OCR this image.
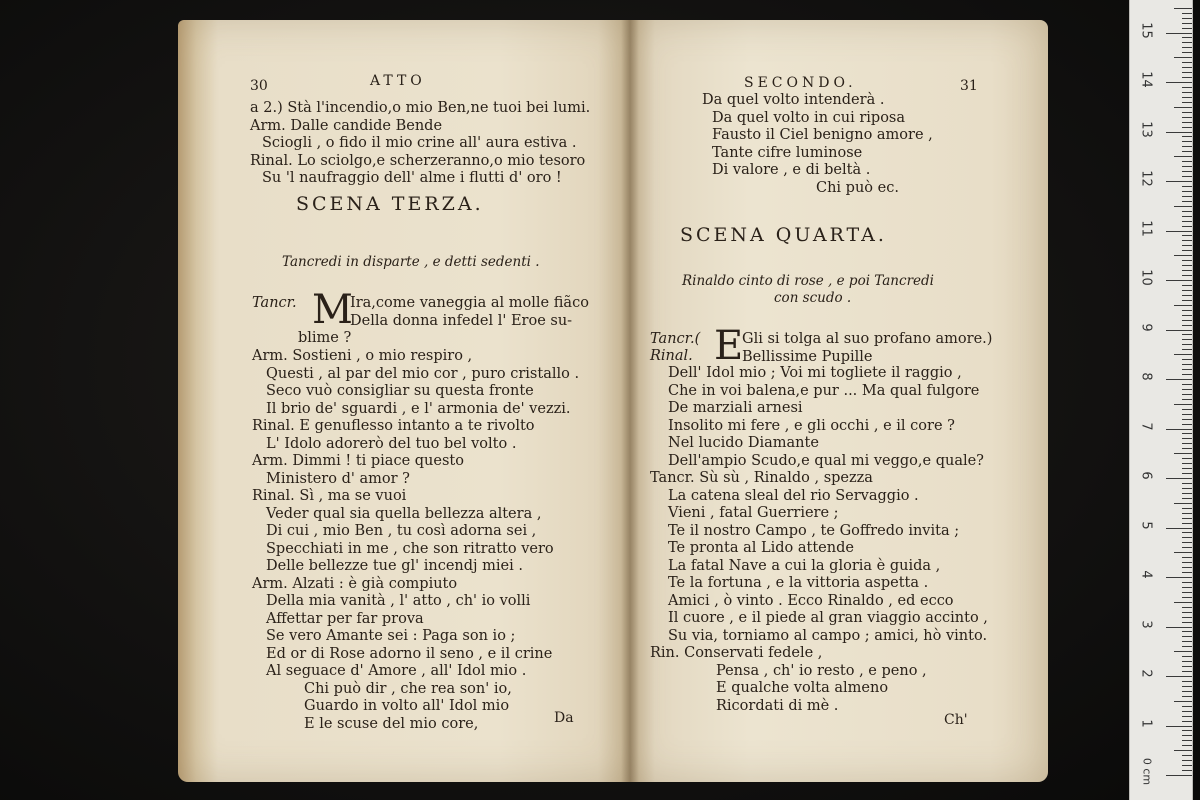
30	ATTO
a 2.) Stà l'incendio,o mio Ben,ne tuoi bei lumi.
Arm. Dalle candide Bende
Sciogli , o fido il mio crine all' aura estiva .
Rinal. Lo sciolgo,e scherzeranno,o mio tesoro
Su 'l naufraggio dell' alme i flutti d' oro !
SCENA TERZA.
Tancredi in disparte , e detti sedenti .
Tancr. M
Ira,come vaneggia al molle fiãco
Della donna infedel l' Eroe su-
blime ?
Arm. Sostieni , o mio respiro ,
Questi , al par del mio cor , puro cristallo .
Seco vuò consigliar su questa fronte
Il brio de' sguardi , e l' armonia de' vezzi.
Rinal. E genuflesso intanto a te rivolto
L' Idolo adorerò del tuo bel volto .
Arm. Dimmi ! ti piace questo
Ministero d' amor ?
Rinal. Sì , ma se vuoi
Veder qual sia quella bellezza altera ,
Di cui , mio Ben , tu così adorna sei ,
Specchiati in me , che son ritratto vero
Delle bellezze tue gl' incendj miei .
Arm. Alzati : è già compiuto
Della mia vanità , l' atto , ch' io volli
Affettar per far prova
Se vero Amante sei : Paga son io ;
Ed or di Rose adorno il seno , e il crine
Al seguace d' Amore , all' Idol mio .
Chi può dir , che rea son' io,
Guardo in volto all' Idol mio
E le scuse del mio core,	Da
SECONDO.	31
Da quel volto intenderà .
Da quel volto in cui riposa
Fausto il Ciel benigno amore ,
Tante cifre luminose
Di valore , e di beltà .
Chi può ec.
SCENA QUARTA.
Rinaldo cinto di rose , e poi Tancredi
con scudo .
Tancr.(
Rinal. E
Gli si tolga al suo profano amore.)
Bellissime Pupille
Dell' Idol mio ; Voi mi togliete il raggio ,
Che in voi balena,e pur ... Ma qual fulgore
De marziali arnesi
Insolito mi fere , e gli occhi , e il core ?
Nel lucido Diamante
Dell'ampio Scudo,e qual mi veggo,e quale?
Tancr. Sù sù , Rinaldo , spezza
La catena sleal del rio Servaggio .
Vieni , fatal Guerriere ;
Te il nostro Campo , te Goffredo invita ;
Te pronta al Lido attende
La fatal Nave a cui la gloria è guida ,
Te la fortuna , e la vittoria aspetta .
Amici , ò vinto . Ecco Rinaldo , ed ecco
Il cuore , e il piede al gran viaggio accinto ,
Su via, torniamo al campo ; amici, hò vinto.
Rin. Conservati fedele ,
Pensa , ch' io resto , e peno ,
E qualche volta almeno
Ricordati di mè .
Ch'
0 cm
1
2
3
4
5
6
7
8
9
10
11
12
13
14
15
